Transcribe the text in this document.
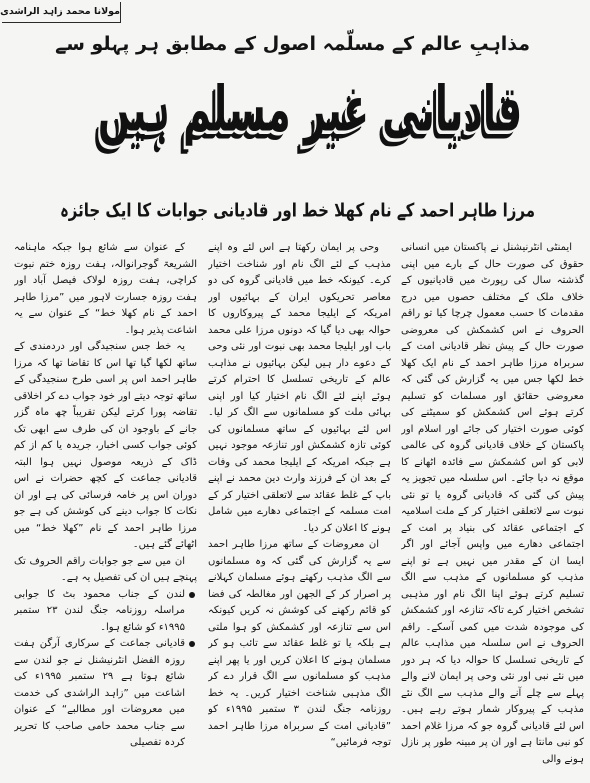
مولانا محمد زاہد الراشدی
مذاہبِ عالم کے مسلّمہ اصول کے مطابق ہر پہلو سے
قادیانی غیر مسلم ہیں
مرزا طاہر احمد کے نام کھلا خط اور قادیانی جوابات کا ایک جائزہ

ایمنٹی انٹرنیشنل نے پاکستان میں انسانی حقوق کی صورت حال کے بارے میں اپنی گذشتہ سال کی رپورٹ میں قادیانیوں کے خلاف ملک کے مختلف حصوں میں درج مقدمات کا حسب معمول چرچا کیا تو راقم الحروف نے اس کشمکش کی معروضی صورت حال کے پیش نظر قادیانی امت کے سربراہ مرزا طاہر احمد کے نام ایک کھلا خط لکھا جس میں یہ گزارش کی گئی کہ معروضی حقائق اور مسلمات کو تسلیم کرتے ہوئے اس کشمکش کو سمیٹنے کی کوئی صورت اختیار کی جائے اور اسلام اور پاکستان کے خلاف قادیانی گروہ کی عالمی لابی کو اس کشمکش سے فائدہ اٹھانے کا موقع نہ دیا جائے۔ اس سلسلہ میں تجویز یہ پیش کی گئی کہ قادیانی گروہ یا تو نئی نبوت سے لاتعلقی اختیار کر کے ملت اسلامیہ کے اجتماعی عقائد کی بنیاد پر امت کے اجتماعی دھارے میں واپس آجائے اور اگر ایسا ان کے مقدر میں نہیں ہے تو اپنے مذہب کو مسلمانوں کے مذہب سے الگ تسلیم کرتے ہوئے اپنا الگ نام اور مذہبی تشخص اختیار کرے تاکہ تنازعہ اور کشمکش کی موجودہ شدت میں کمی آسکے۔ راقم الحروف نے اس سلسلہ میں مذاہب عالم کے تاریخی تسلسل کا حوالہ دیا کہ ہر دور میں نئے نبی اور نئی وحی پر ایمان لانے والے پہلے سے چلے آنے والے مذہب سے الگ نئے مذہب کے پیروکار شمار ہوتے رہے ہیں۔ اس لئے قادیانی گروہ جو کہ مرزا غلام احمد کو نبی مانتا ہے اور ان پر مبینہ طور پر نازل ہونے والی

وحی پر ایمان رکھتا ہے اس لئے وہ اپنے مذہب کے لئے الگ نام اور شناخت اختیار کرے۔ کیونکہ خط میں قادیانی گروہ کی دو معاصر تحریکوں ایران کے بہائیوں اور امریکہ کے ایلیجا محمد کے پیروکاروں کا حوالہ بھی دیا گیا کہ دونوں مرزا علی محمد باب اور ایلیجا محمد بھی نبوت اور نئی وحی کے دعوے دار ہیں لیکن بہائیوں نے مذاہب عالم کے تاریخی تسلسل کا احترام کرتے ہوئے اپنے لئے الگ نام اختیار کیا اور اپنی بہائی ملت کو مسلمانوں سے الگ کر لیا۔ اس لئے بہائیوں کے ساتھ مسلمانوں کی کوئی تازہ کشمکش اور تنازعہ موجود نہیں ہے جبکہ امریکہ کے ایلیجا محمد کی وفات کے بعد ان کے فرزند وارث دین محمد نے اپنے باپ کے غلط عقائد سے لاتعلقی اختیار کر کے امت مسلمہ کے اجتماعی دھارے میں شامل ہونے کا اعلان کر دیا۔

ان معروضات کے ساتھ مرزا طاہر احمد سے یہ گزارش کی گئی کہ وہ مسلمانوں سے الگ مذہب رکھتے ہوئے مسلمان کہلانے پر اصرار کر کے الجھن اور مغالطہ کی فضا کو قائم رکھنے کی کوشش نہ کریں کیونکہ اس سے تنازعہ اور کشمکش کو ہوا ملتی ہے بلکہ یا تو غلط عقائد سے تائب ہو کر مسلمان ہونے کا اعلان کریں اور یا پھر اپنے مذہب کو مسلمانوں سے الگ قرار دے کر الگ مذہبی شناخت اختیار کریں۔ یہ خط روزنامہ جنگ لندن ۳ ستمبر ۱۹۹۵ء کو ”قادیانی امت کے سربراہ مرزا طاہر احمد توجہ فرمائیں“

کے عنوان سے شائع ہوا جبکہ ماہنامہ الشریعۃ گوجرانوالہ، ہفت روزہ ختم نبوت کراچی، ہفت روزہ لولاک فیصل آباد اور ہفت روزہ جسارت لاہور میں ”مرزا طاہر احمد کے نام کھلا خط“ کے عنوان سے یہ اشاعت پذیر ہوا۔

یہ خط جس سنجیدگی اور دردمندی کے ساتھ لکھا گیا تھا اس کا تقاضا تھا کہ مرزا طاہر احمد اس پر اسی طرح سنجیدگی کے ساتھ توجہ دیتے اور خود جواب دے کر اخلاقی تقاضہ پورا کرتے لیکن تقریباً چھ ماہ گزر جانے کے باوجود ان کی طرف سے ابھی تک کوئی جواب کسی اخبار، جریدہ یا کم از کم ڈاک کے ذریعہ موصول نہیں ہوا البتہ قادیانی جماعت کے کچھ حضرات نے اس دوران اس پر خامہ فرسائی کی ہے اور ان نکات کا جواب دینے کی کوشش کی ہے جو مرزا طاہر احمد کے نام ”کھلا خط“ میں اٹھائے گئے ہیں۔

ان میں سے جو جوابات راقم الحروف تک پہنچے ہیں ان کی تفصیل یہ ہے۔

لندن کے جناب محمود بٹ کا جوابی مراسلہ روزنامہ جنگ لندن ۲۳ ستمبر ۱۹۹۵ء کو شائع ہوا۔

قادیانی جماعت کے سرکاری آرگن ہفت روزہ الفضل انٹرنیشنل نے جو لندن سے شائع ہوتا ہے ۲۹ ستمبر ۱۹۹۵ء کی اشاعت میں ”زاہد الراشدی کی خدمت میں معروضات اور مطالبے“ کے عنوان سے جناب محمد حامی صاحب کا تحریر کردہ تفصیلی
